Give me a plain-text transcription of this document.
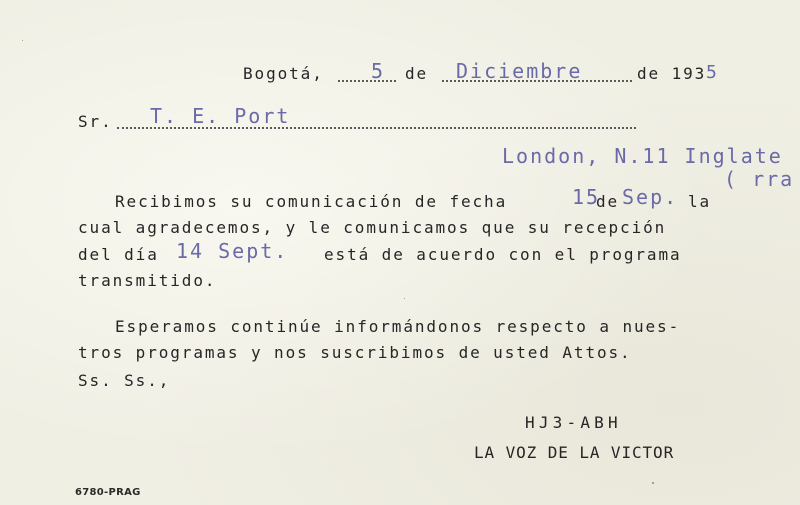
Bogotá, 5 de Diciembre	de 193 5
Sr. T. E. Port
London, N.11 Inglate
( rra
Recibimos su comunicación de fecha	15
de Sep. la
cual agradecemos, y le comunicamos que su recepción
del día 14 Sept. está de acuerdo con el programa
transmitido.
Esperamos continúe informándonos respecto a nues-
tros programas y nos suscribimos de usted Attos.
Ss. Ss.,
HJ3-ABH
LA VOZ DE LA VICTOR
6780-PRAG
